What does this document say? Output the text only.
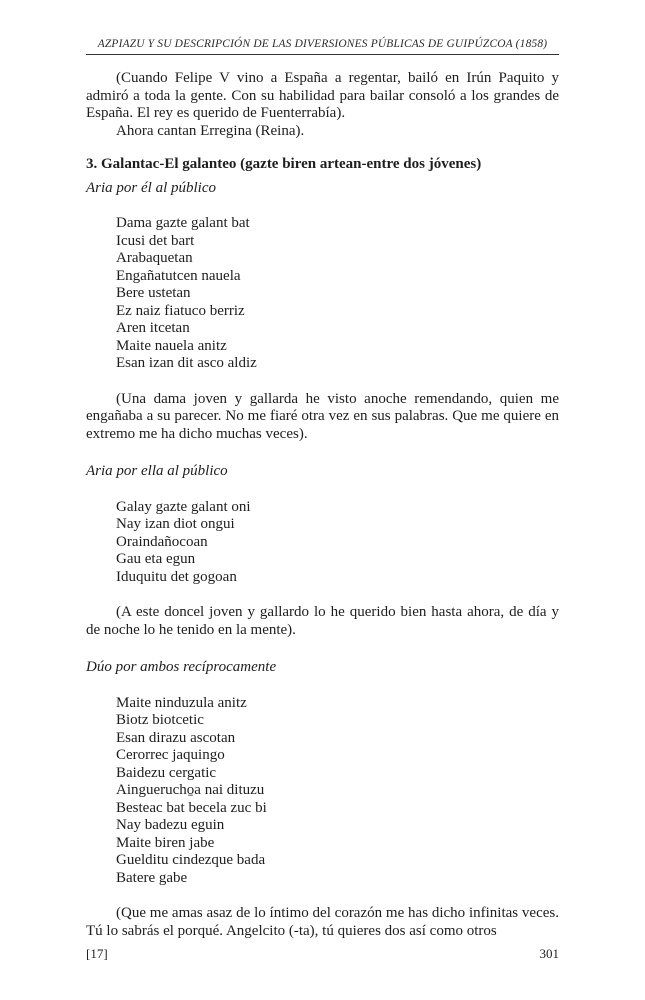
AZPIAZU Y SU DESCRIPCIÓN DE LAS DIVERSIONES PÚBLICAS DE GUIPÚZCOA (1858)

(Cuando Felipe V vino a España a regentar, bailó en Irún Paquito y admiró a toda la gente. Con su habilidad para bailar consoló a los grandes de España. El rey es querido de Fuenterrabía).

Ahora cantan Erregina (Reina).

3. Galantac-El galanteo (gazte biren artean-entre dos jóvenes)

Aria por él al público

Dama gazte galant bat
Icusi det bart
Arabaquetan
Engañatutcen nauela
Bere ustetan
Ez naiz fiatuco berriz
Aren itcetan
Maite nauela anitz
Esan izan dit asco aldiz

(Una dama joven y gallarda he visto anoche remendando, quien me engañaba a su parecer. No me fiaré otra vez en sus palabras. Que me quiere en extremo me ha dicho muchas veces).

Aria por ella al público

Galay gazte galant oni
Nay izan diot ongui
Oraindañocoan
Gau eta egun
Iduquitu det gogoan

(A este doncel joven y gallardo lo he querido bien hasta ahora, de día y de noche lo he tenido en la mente).

Dúo por ambos recíprocamente

Maite ninduzula anitz
Biotz biotcetic
Esan dirazu ascotan
Cerorrec jaquingo
Baidezu cergatic
Ainguerucho̱a nai dituzu
Besteac bat becela zuc bi
Nay badezu eguin
Maite biren jabe
Guelditu cindezque bada
Batere gabe

(Que me amas asaz de lo íntimo del corazón me has dicho infinitas veces. Tú lo sabrás el porqué. Angelcito (-ta), tú quieres dos así como otros

[17]	301
